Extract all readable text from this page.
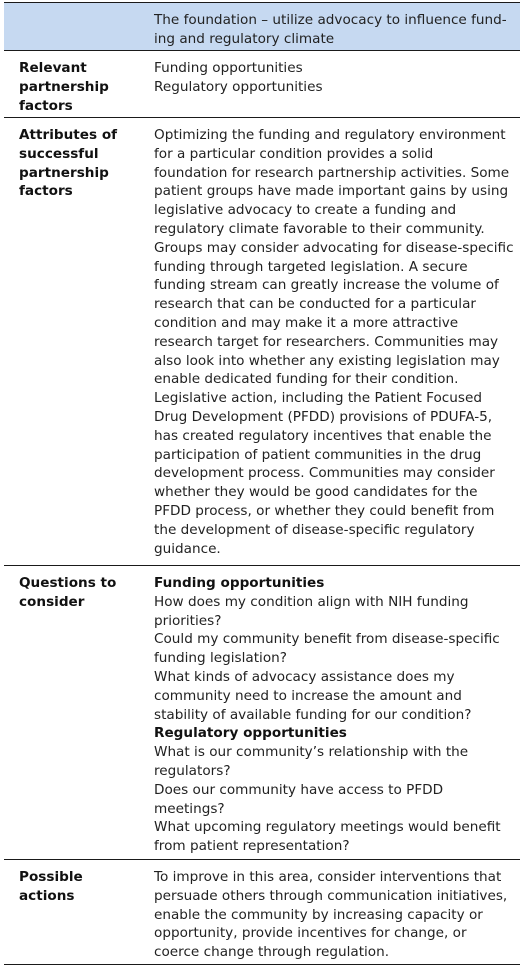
The foundation – utilize advocacy to influence fund-
ing and regulatory climate
Relevant
partnership
factors
Funding opportunities
Regulatory opportunities
Attributes of
successful
partnership
factors
Optimizing the funding and regulatory environment
for a particular condition provides a solid
foundation for research partnership activities. Some
patient groups have made important gains by using
legislative advocacy to create a funding and
regulatory climate favorable to their community.
Groups may consider advocating for disease-specific
funding through targeted legislation. A secure
funding stream can greatly increase the volume of
research that can be conducted for a particular
condition and may make it a more attractive
research target for researchers. Communities may
also look into whether any existing legislation may
enable dedicated funding for their condition.
Legislative action, including the Patient Focused
Drug Development (PFDD) provisions of PDUFA-5,
has created regulatory incentives that enable the
participation of patient communities in the drug
development process. Communities may consider
whether they would be good candidates for the
PFDD process, or whether they could benefit from
the development of disease-specific regulatory
guidance.
Questions to
consider
Funding opportunities
How does my condition align with NIH funding
priorities?
Could my community benefit from disease-specific
funding legislation?
What kinds of advocacy assistance does my
community need to increase the amount and
stability of available funding for our condition?
Regulatory opportunities
What is our community’s relationship with the
regulators?
Does our community have access to PFDD
meetings?
What upcoming regulatory meetings would benefit
from patient representation?
Possible
actions
To improve in this area, consider interventions that
persuade others through communication initiatives,
enable the community by increasing capacity or
opportunity, provide incentives for change, or
coerce change through regulation.
